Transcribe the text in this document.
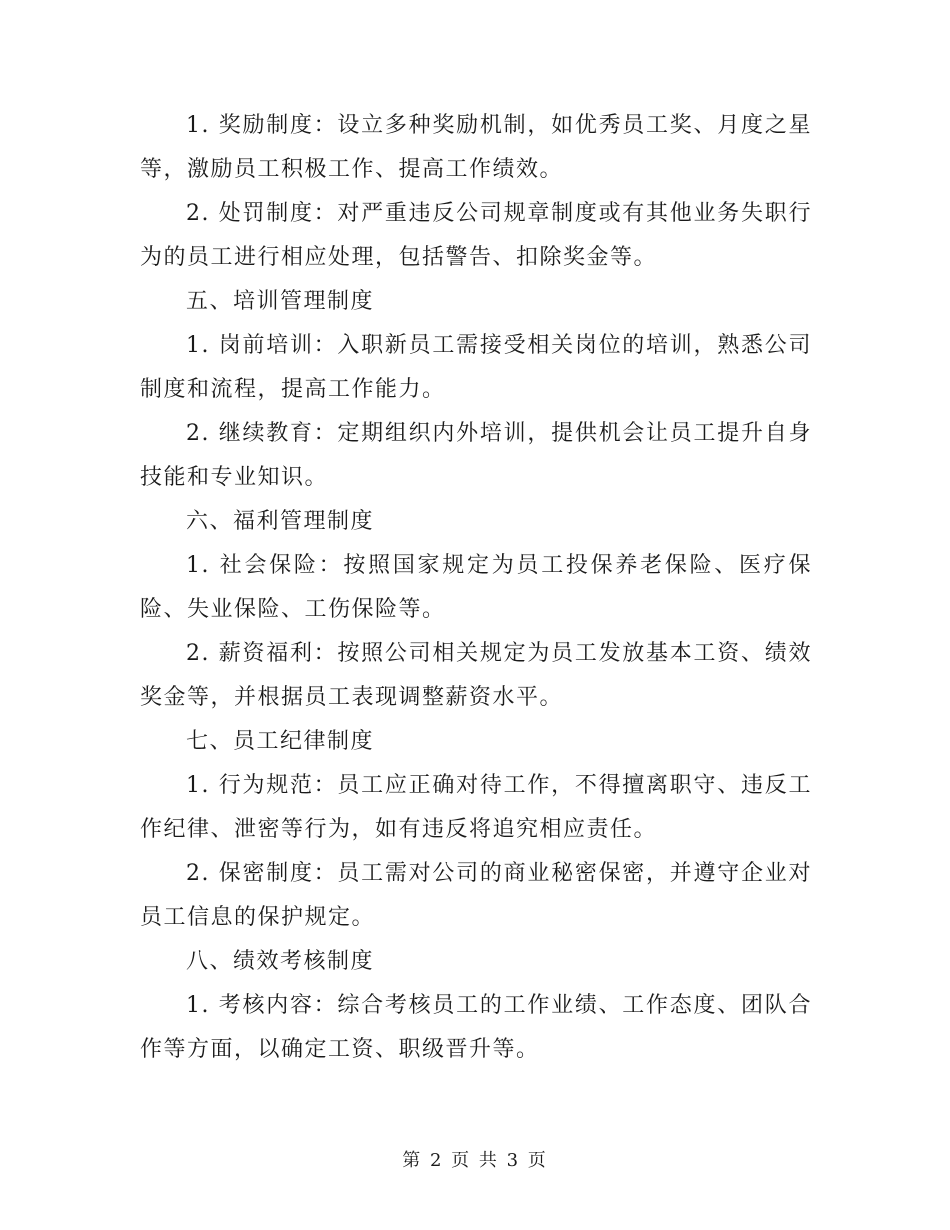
1. 奖励制度：设立多种奖励机制，如优秀员工奖、月度之星等，激励员工积极工作、提高工作绩效。

2. 处罚制度：对严重违反公司规章制度或有其他业务失职行为的员工进行相应处理，包括警告、扣除奖金等。

五、培训管理制度

1. 岗前培训：入职新员工需接受相关岗位的培训，熟悉公司制度和流程，提高工作能力。

2. 继续教育：定期组织内外培训，提供机会让员工提升自身技能和专业知识。

六、福利管理制度

1. 社会保险：按照国家规定为员工投保养老保险、医疗保险、失业保险、工伤保险等。

2. 薪资福利：按照公司相关规定为员工发放基本工资、绩效奖金等，并根据员工表现调整薪资水平。

七、员工纪律制度

1. 行为规范：员工应正确对待工作，不得擅离职守、违反工作纪律、泄密等行为，如有违反将追究相应责任。

2. 保密制度：员工需对公司的商业秘密保密，并遵守企业对员工信息的保护规定。

八、绩效考核制度

1. 考核内容：综合考核员工的工作业绩、工作态度、团队合作等方面，以确定工资、职级晋升等。

第 2 页 共 3 页
